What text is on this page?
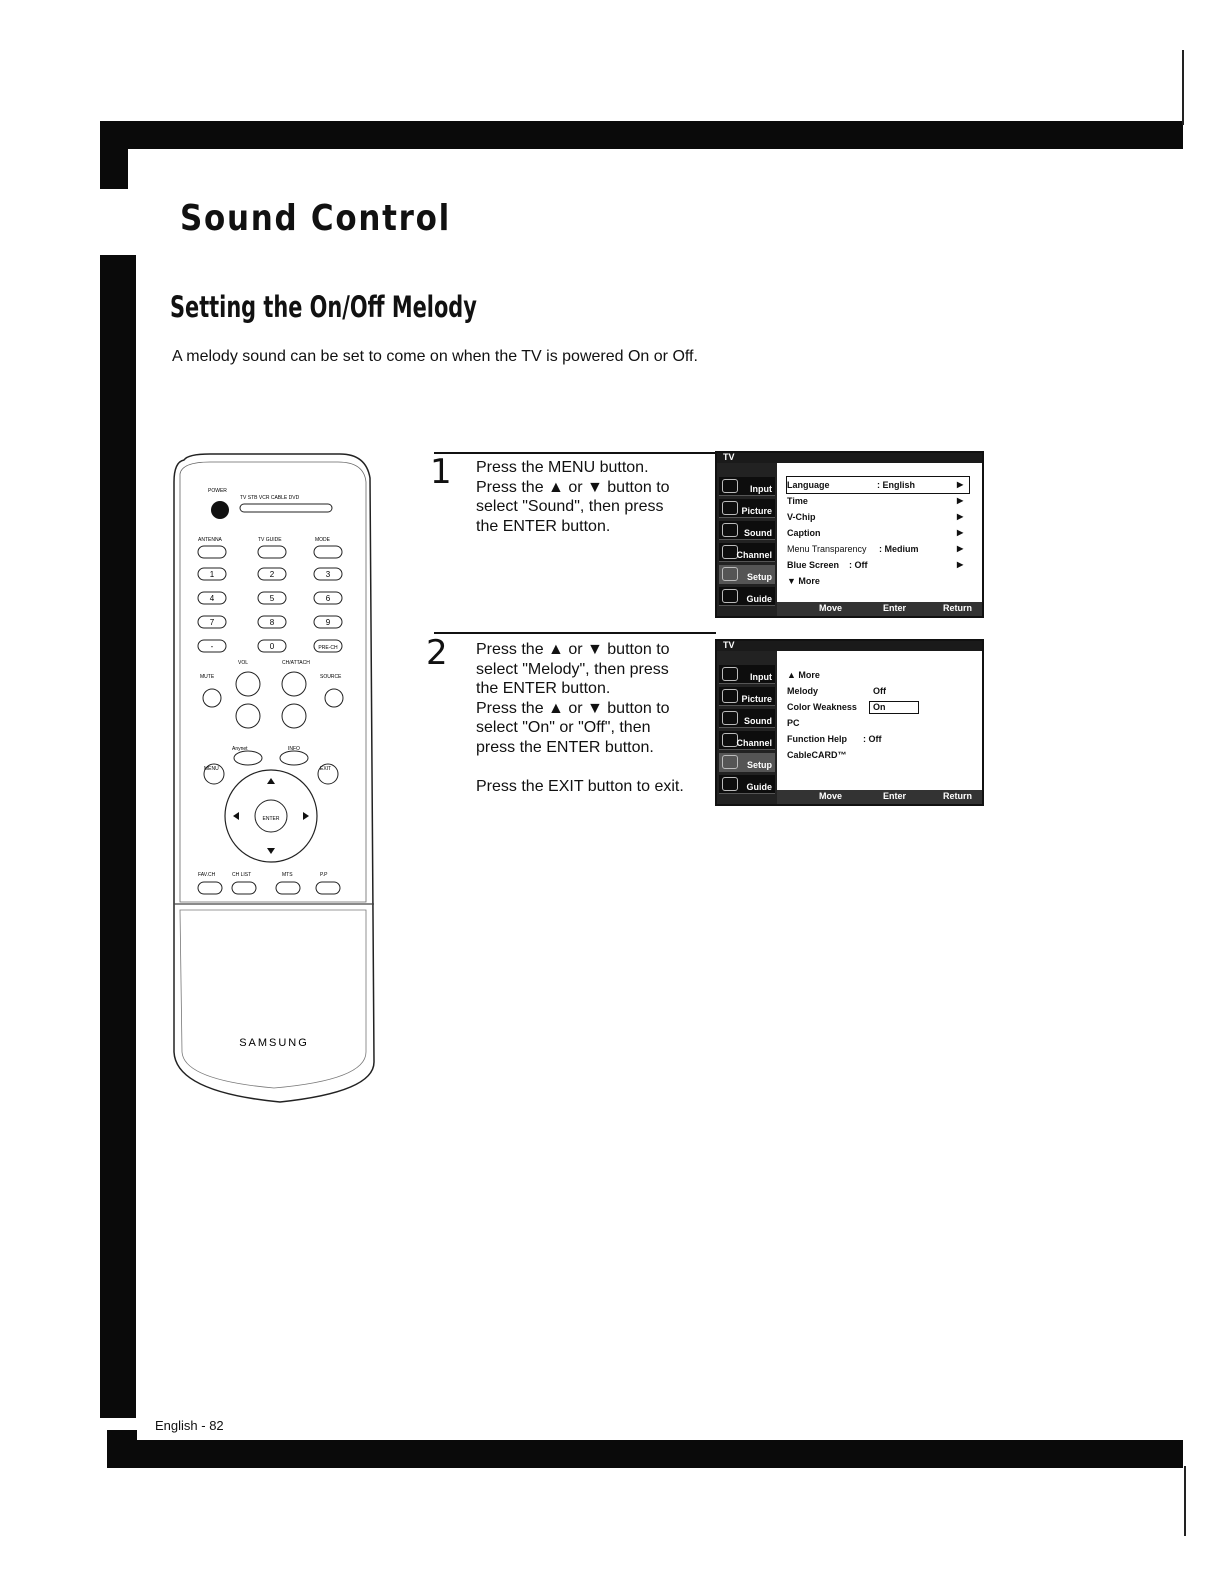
Sound Control
Setting the On/Off Melody
A melody sound can be set to come on when the TV is powered On or Off.
POWER
TV STB VCR CABLE DVD
ANTENNA	TV GUIDE	MODE
1	2	3
4	5	6
7	8	9
-	0	PRE-CH
VOL	CH/ATTACH
MUTE	SOURCE
Anynet	INFO
ENTER
MENU	EXIT
FAV.CH	CH LIST	MTS	P.P
SAMSUNG
1 Press the MENU button.
Press the ▲ or ▼ button to
select "Sound", then press
the ENTER button.
TV
Input
Picture
Sound
Channel
Setup
Guide
Language	: English	▶
Time	▶
V-Chip	▶
Caption	▶
Menu Transparency : Medium	▶
Blue Screen : Off	▶
▼ More
Move	Enter	Return
2 Press the ▲ or ▼ button to
select "Melody", then press
the ENTER button.
Press the ▲ or ▼ button to
select "On" or "Off", then
press the ENTER button.
Press the EXIT button to exit.
TV
Input
Picture
Sound
Channel
Setup
Guide
▲ More
Melody	Off
Color Weakness On
PC
Function Help : Off
CableCARD™
Move	Enter	Return
English - 82
